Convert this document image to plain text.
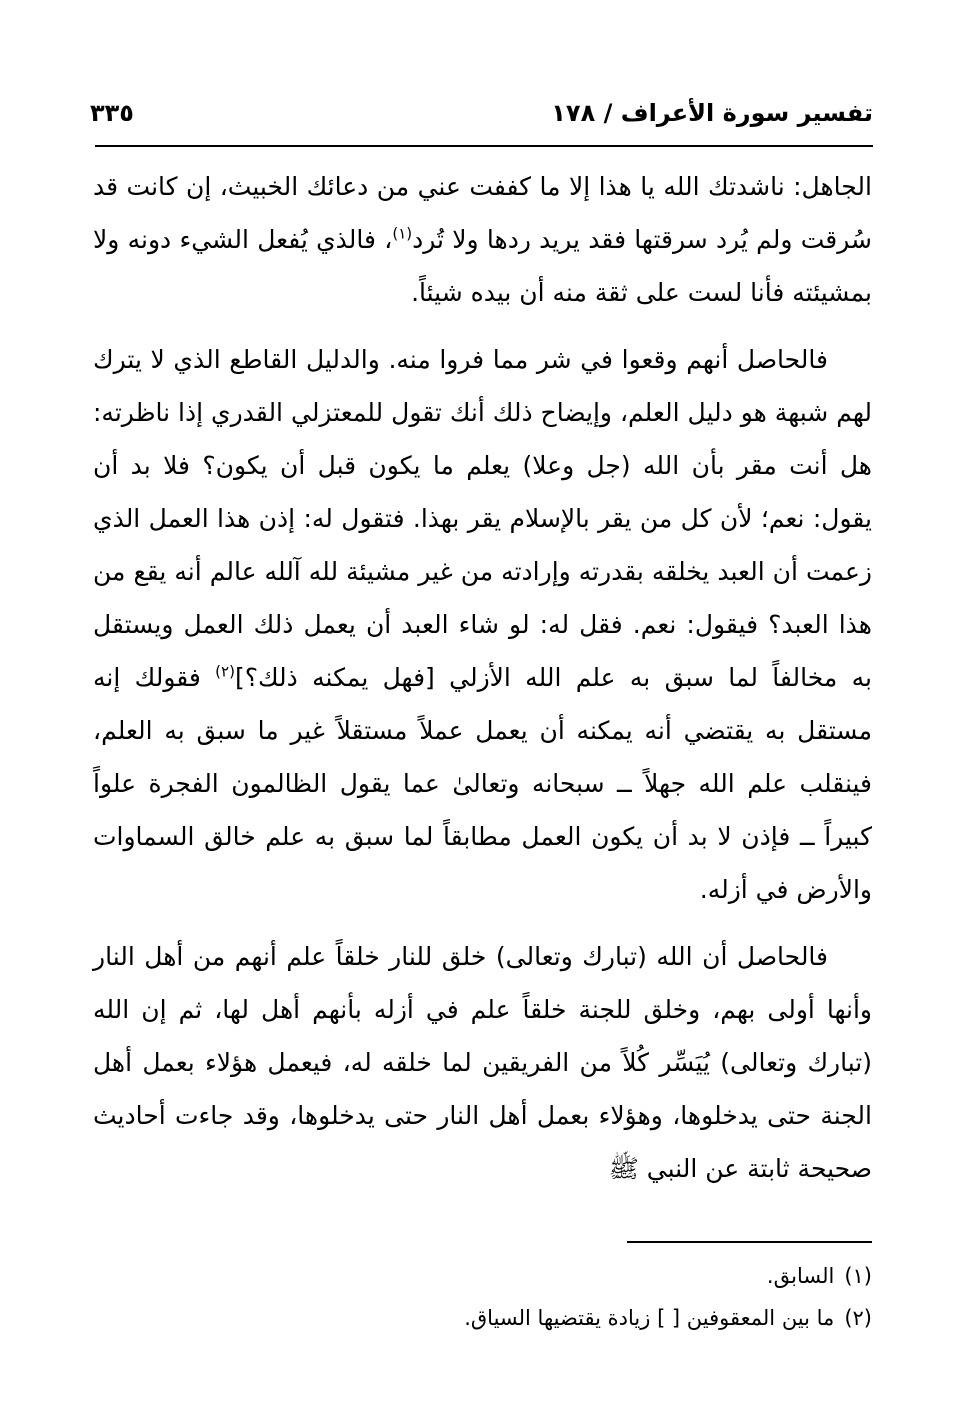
تفسير سورة الأعراف / ١٧٨
٣٣٥

الجاهل: ناشدتك الله يا هذا إلا ما كففت عني من دعائك الخبيث، إن كانت قد سُرقت ولم يُرد سرقتها فقد يريد ردها ولا تُرد$^{(١)}$، فالذي يُفعل الشيء دونه ولا بمشيئته فأنا لست على ثقة منه أن بيده شيئاً.

فالحاصل أنهم وقعوا في شر مما فروا منه. والدليل القاطع الذي لا يترك لهم شبهة هو دليل العلم، وإيضاح ذلك أنك تقول للمعتزلي القدري إذا ناظرته: هل أنت مقر بأن الله (جل وعلا) يعلم ما يكون قبل أن يكون؟ فلا بد أن يقول: نعم؛ لأن كل من يقر بالإسلام يقر بهذا. فتقول له: إذن هذا العمل الذي زعمت أن العبد يخلقه بقدرته وإرادته من غير مشيئة لله آلله عالم أنه يقع من هذا العبد؟ فيقول: نعم. فقل له: لو شاء العبد أن يعمل ذلك العمل ويستقل به مخالفاً لما سبق به علم الله الأزلي [فهل يمكنه ذلك؟]$^{(٢)}$ فقولك إنه مستقل به يقتضي أنه يمكنه أن يعمل عملاً مستقلاً غير ما سبق به العلم، فينقلب علم الله جهلاً ــ سبحانه وتعالىٰ عما يقول الظالمون الفجرة علواً كبيراً ــ فإذن لا بد أن يكون العمل مطابقاً لما سبق به علم خالق السماوات والأرض في أزله.

فالحاصل أن الله (تبارك وتعالى) خلق للنار خلقاً علم أنهم من أهل النار وأنها أولى بهم، وخلق للجنة خلقاً علم في أزله بأنهم أهل لها، ثم إن الله (تبارك وتعالى) يُيَسِّر كُلاً من الفريقين لما خلقه له، فيعمل هؤلاء بعمل أهل الجنة حتى يدخلوها، وهؤلاء بعمل أهل النار حتى يدخلوها، وقد جاءت أحاديث صحيحة ثابتة عن النبي ﷺ

(١)السابق.
(٢)ما بين المعقوفين [ ] زيادة يقتضيها السياق.
